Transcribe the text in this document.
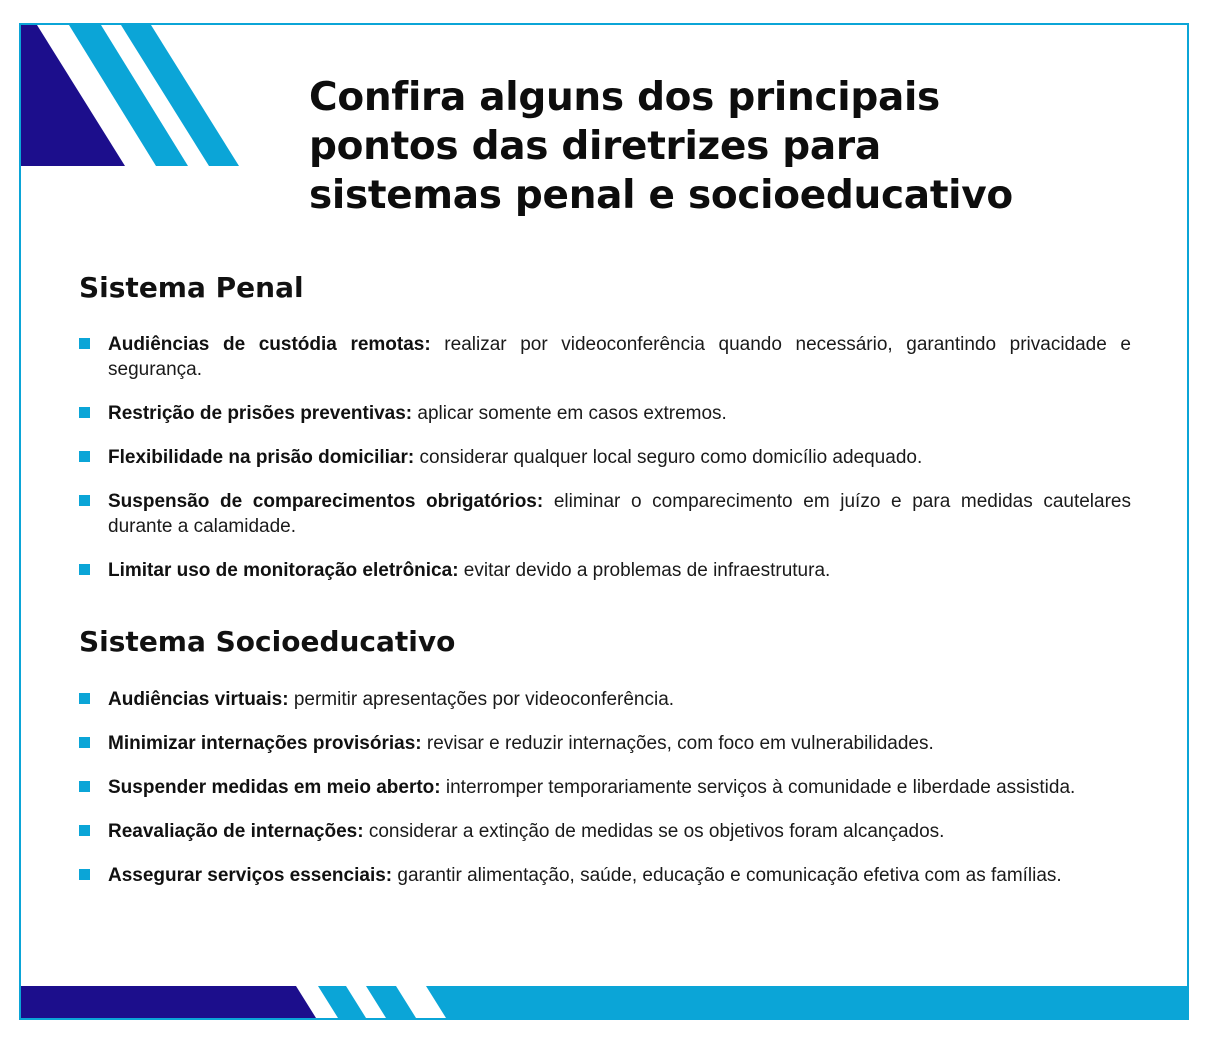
Confira alguns dos principais
pontos das diretrizes para
sistemas penal e socioeducativo
Sistema Penal
Audiências de custódia remotas: realizar por videoconferência quando necessário, garantindo privacidade e segurança.
Restrição de prisões preventivas: aplicar somente em casos extremos.
Flexibilidade na prisão domiciliar: considerar qualquer local seguro como domicílio adequado.
Suspensão de comparecimentos obrigatórios: eliminar o comparecimento em juízo e para medidas cautelares durante a calamidade.
Limitar uso de monitoração eletrônica: evitar devido a problemas de infraestrutura.
Sistema Socioeducativo
Audiências virtuais: permitir apresentações por videoconferência.
Minimizar internações provisórias: revisar e reduzir internações, com foco em vulnerabilidades.
Suspender medidas em meio aberto: interromper temporariamente serviços à comunidade e liberdade assistida.
Reavaliação de internações: considerar a extinção de medidas se os objetivos foram alcançados.
Assegurar serviços essenciais: garantir alimentação, saúde, educação e comunicação efetiva com as famílias.
